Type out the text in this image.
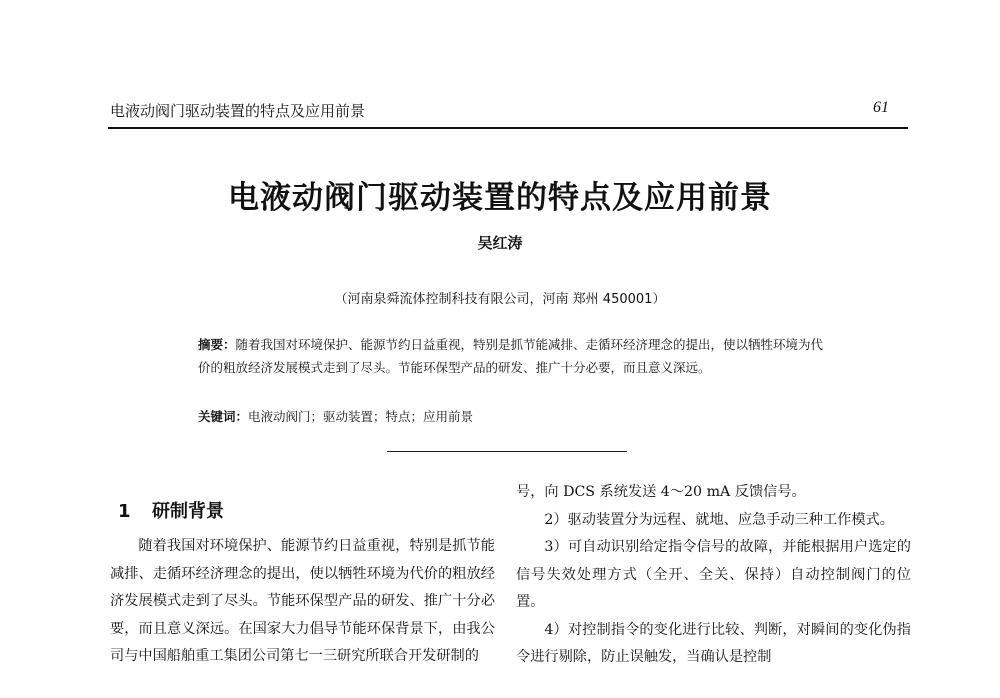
电液动阀门驱动装置的特点及应用前景	61
电液动阀门驱动装置的特点及应用前景
吴红涛
（河南泉舜流体控制科技有限公司，河南 郑州 450001）
摘要：随着我国对环境保护、能源节约日益重视，特别是抓节能减排、走循环经济理念的提出，使以牺牲环境为代价的粗放经济发展模式走到了尽头。节能环保型产品的研发、推广十分必要，而且意义深远。
关键词：电液动阀门；驱动装置；特点；应用前景
1 研制背景

随着我国对环境保护、能源节约日益重视，特别是抓节能减排、走循环经济理念的提出，使以牺牲环境为代价的粗放经济发展模式走到了尽头。节能环保型产品的研发、推广十分必要，而且意义深远。在国家大力倡导节能环保背景下，由我公司与中国船舶重工集团公司第七一三研究所联合开发研制的

号，向 DCS 系统发送 4～20 mA 反馈信号。

2）驱动装置分为远程、就地、应急手动三种工作模式。

3）可自动识别给定指令信号的故障，并能根据用户选定的信号失效处理方式（全开、全关、保持）自动控制阀门的位置。

4）对控制指令的变化进行比较、判断，对瞬间的变化伪指令进行剔除，防止误触发，当确认是控制
